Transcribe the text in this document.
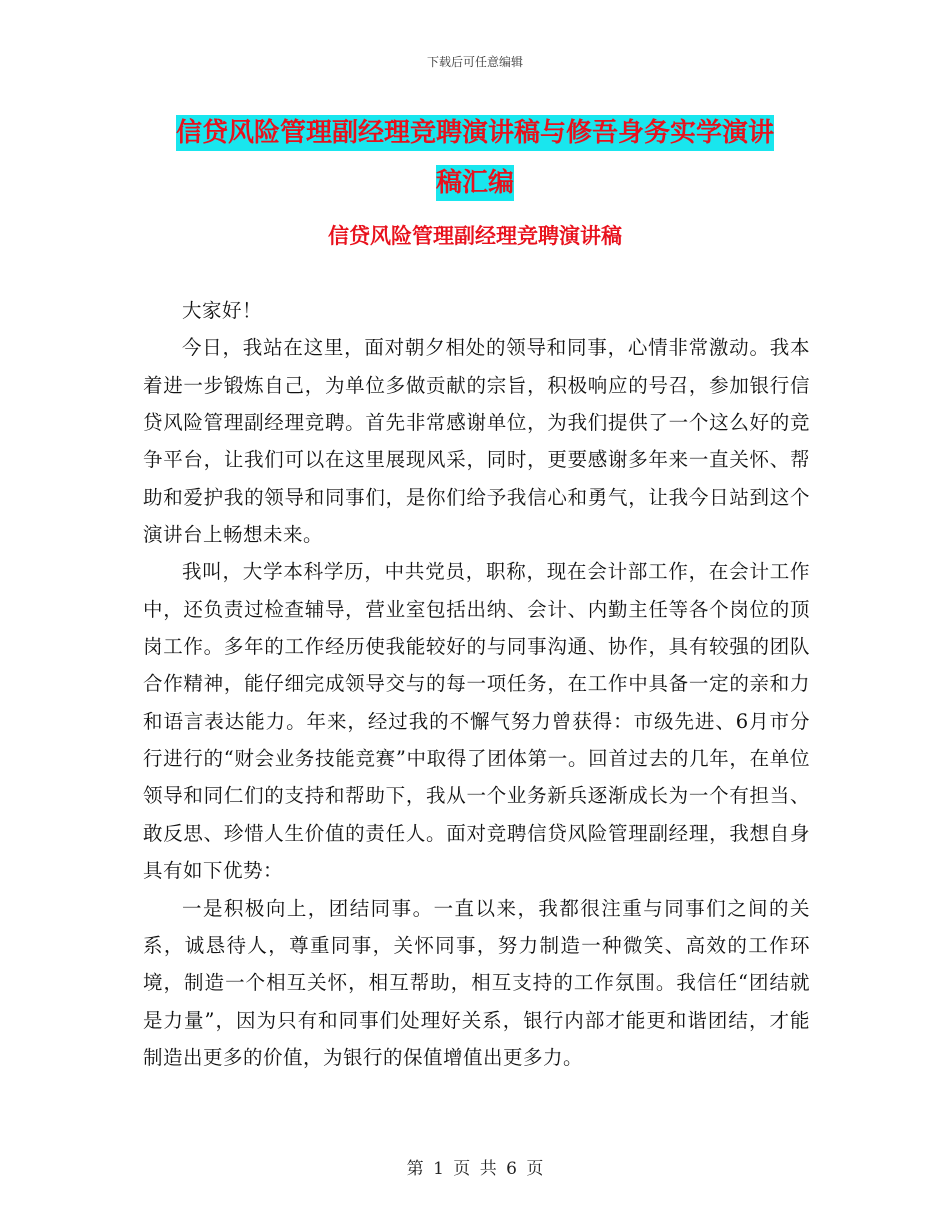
下载后可任意编辑
信贷风险管理副经理竞聘演讲稿与修吾身务实学演讲
稿汇编
信贷风险管理副经理竞聘演讲稿

大家好！

今日，我站在这里，面对朝夕相处的领导和同事，心情非常激动。我本着进一步锻炼自己，为单位多做贡献的宗旨，积极响应的号召，参加银行信贷风险管理副经理竞聘。首先非常感谢单位，为我们提供了一个这么好的竞争平台，让我们可以在这里展现风采，同时，更要感谢多年来一直关怀、帮助和爱护我的领导和同事们，是你们给予我信心和勇气，让我今日站到这个演讲台上畅想未来。

我叫，大学本科学历，中共党员，职称，现在会计部工作，在会计工作中，还负责过检查辅导，营业室包括出纳、会计、内勤主任等各个岗位的顶岗工作。多年的工作经历使我能较好的与同事沟通、协作，具有较强的团队合作精神，能仔细完成领导交与的每一项任务，在工作中具备一定的亲和力和语言表达能力。年来，经过我的不懈气努力曾获得：市级先进、6月市分行进行的“财会业务技能竞赛”中取得了团体第一。回首过去的几年，在单位领导和同仁们的支持和帮助下，我从一个业务新兵逐渐成长为一个有担当、敢反思、珍惜人生价值的责任人。面对竞聘信贷风险管理副经理，我想自身具有如下优势：

一是积极向上，团结同事。一直以来，我都很注重与同事们之间的关系，诚恳待人，尊重同事，关怀同事，努力制造一种微笑、高效的工作环境，制造一个相互关怀，相互帮助，相互支持的工作氛围。我信任“团结就是力量”，因为只有和同事们处理好关系，银行内部才能更和谐团结，才能制造出更多的价值，为银行的保值增值出更多力。

第 1 页 共 6 页
